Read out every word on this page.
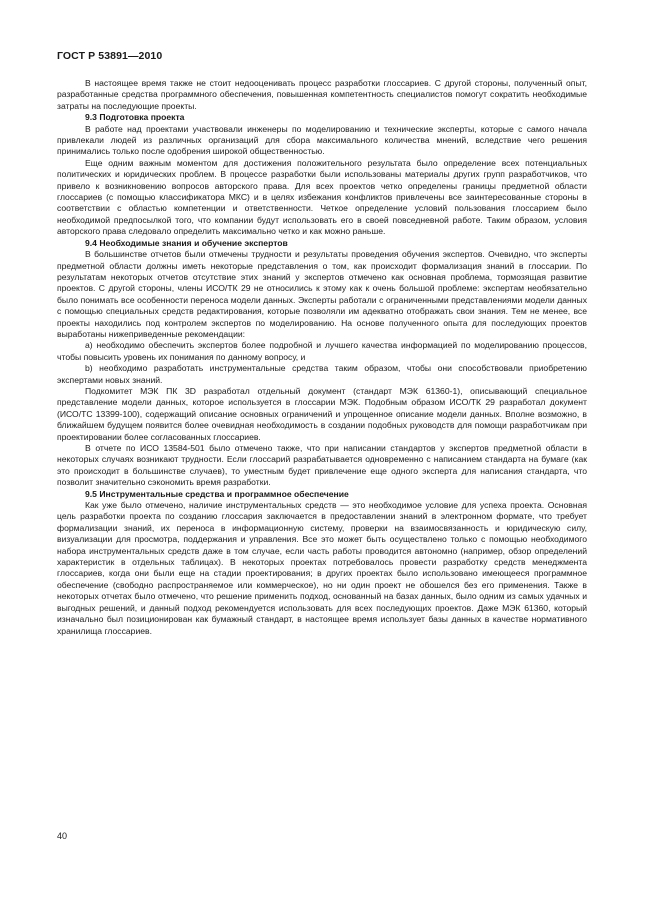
ГОСТ Р 53891—2010

В настоящее время также не стоит недооценивать процесс разработки глоссариев. С другой стороны, полученный опыт, разработанные средства программного обеспечения, повышенная компетентность специалистов помогут сократить необходимые затраты на последующие проекты.

9.3 Подготовка проекта

В работе над проектами участвовали инженеры по моделированию и технические эксперты, которые с самого начала привлекали людей из различных организаций для сбора максимального количества мнений, вследствие чего решения принимались только после одобрения широкой общественностью.

Еще одним важным моментом для достижения положительного результата было определение всех потенциальных политических и юридических проблем. В процессе разработки были использованы материалы других групп разработчиков, что привело к возникновению вопросов авторского права. Для всех проектов четко определены границы предметной области глоссариев (с помощью классификатора МКС) и в целях избежания конфликтов привлечены все заинтересованные стороны в соответствии с областью компетенции и ответственности. Четкое определение условий пользования глоссарием было необходимой предпосылкой того, что компании будут использовать его в своей повседневной работе. Таким образом, условия авторского права следовало определить максимально четко и как можно раньше.

9.4 Необходимые знания и обучение экспертов

В большинстве отчетов были отмечены трудности и результаты проведения обучения экспертов. Очевидно, что эксперты предметной области должны иметь некоторые представления о том, как происходит формализация знаний в глоссарии. По результатам некоторых отчетов отсутствие этих знаний у экспертов отмечено как основная проблема, тормозящая развитие проектов. С другой стороны, члены ИСО/ТК 29 не относились к этому как к очень большой проблеме: экспертам необязательно было понимать все особенности переноса модели данных. Эксперты работали с ограниченными представлениями модели данных с помощью специальных средств редактирования, которые позволяли им адекватно отображать свои знания. Тем не менее, все проекты находились под контролем экспертов по моделированию. На основе полученного опыта для последующих проектов выработаны нижеприведенные рекомендации:

a) необходимо обеспечить экспертов более подробной и лучшего качества информацией по моделированию процессов, чтобы повысить уровень их понимания по данному вопросу, и

b) необходимо разработать инструментальные средства таким образом, чтобы они способствовали приобретению экспертами новых знаний.

Подкомитет МЭК ПК 3D разработал отдельный документ (стандарт МЭК 61360-1), описывающий специальное представление модели данных, которое используется в глоссарии МЭК. Подобным образом ИСО/ТК 29 разработал документ (ИСО/ТС 13399-100), содержащий описание основных ограничений и упрощенное описание модели данных. Вполне возможно, в ближайшем будущем появится более очевидная необходимость в создании подобных руководств для помощи разработчикам при проектировании более согласованных глоссариев.

В отчете по ИСО 13584-501 было отмечено также, что при написании стандартов у экспертов предметной области в некоторых случаях возникают трудности. Если глоссарий разрабатывается одновременно с написанием стандарта на бумаге (как это происходит в большинстве случаев), то уместным будет привлечение еще одного эксперта для написания стандарта, что позволит значительно сэкономить время разработки.

9.5 Инструментальные средства и программное обеспечение

Как уже было отмечено, наличие инструментальных средств — это необходимое условие для успеха проекта. Основная цель разработки проекта по созданию глоссария заключается в предоставлении знаний в электронном формате, что требует формализации знаний, их переноса в информационную систему, проверки на взаимосвязанность и юридическую силу, визуализации для просмотра, поддержания и управления. Все это может быть осуществлено только с помощью необходимого набора инструментальных средств даже в том случае, если часть работы проводится автономно (например, обзор определений характеристик в отдельных таблицах). В некоторых проектах потребовалось провести разработку средств менеджмента глоссариев, когда они были еще на стадии проектирования; в других проектах было использовано имеющееся программное обеспечение (свободно распространяемое или коммерческое), но ни один проект не обошелся без его применения. Также в некоторых отчетах было отмечено, что решение применить подход, основанный на базах данных, было одним из самых удачных и выгодных решений, и данный подход рекомендуется использовать для всех последующих проектов. Даже МЭК 61360, который изначально был позиционирован как бумажный стандарт, в настоящее время использует базы данных в качестве нормативного хранилища глоссариев.

40
